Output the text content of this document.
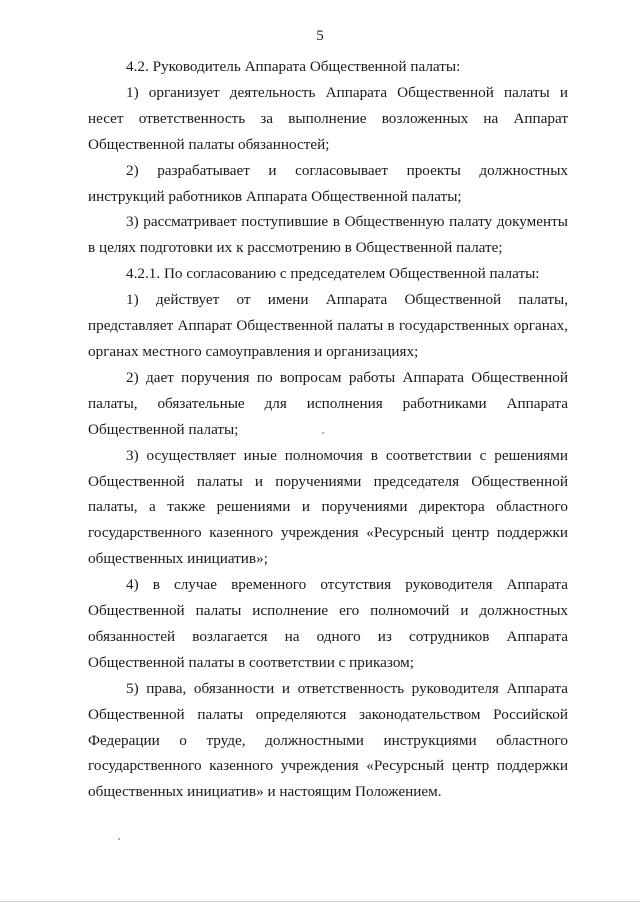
5

4.2. Руководитель Аппарата Общественной палаты:

1) организует деятельность Аппарата Общественной палаты и несет ответственность за выполнение возложенных на Аппарат Общественной палаты обязанностей;

2) разрабатывает и согласовывает проекты должностных инструкций работников Аппарата Общественной палаты;

3) рассматривает поступившие в Общественную палату документы в целях подготовки их к рассмотрению в Общественной палате;

4.2.1. По согласованию с председателем Общественной палаты:

1) действует от имени Аппарата Общественной палаты, представляет Аппарат Общественной палаты в государственных органах, органах местного самоуправления и организациях;

2) дает поручения по вопросам работы Аппарата Общественной палаты, обязательные для исполнения работниками Аппарата Общественной палаты;

3) осуществляет иные полномочия в соответствии с решениями Общественной палаты и поручениями председателя Общественной палаты, а также решениями и поручениями директора областного государственного казенного учреждения «Ресурсный центр поддержки общественных инициатив»;

4) в случае временного отсутствия руководителя Аппарата Общественной палаты исполнение его полномочий и должностных обязанностей возлагается на одного из сотрудников Аппарата Общественной палаты в соответствии с приказом;

5) права, обязанности и ответственность руководителя Аппарата Общественной палаты определяются законодательством Российской Федерации о труде, должностными инструкциями областного государственного казенного учреждения «Ресурсный центр поддержки общественных инициатив» и настоящим Положением.
